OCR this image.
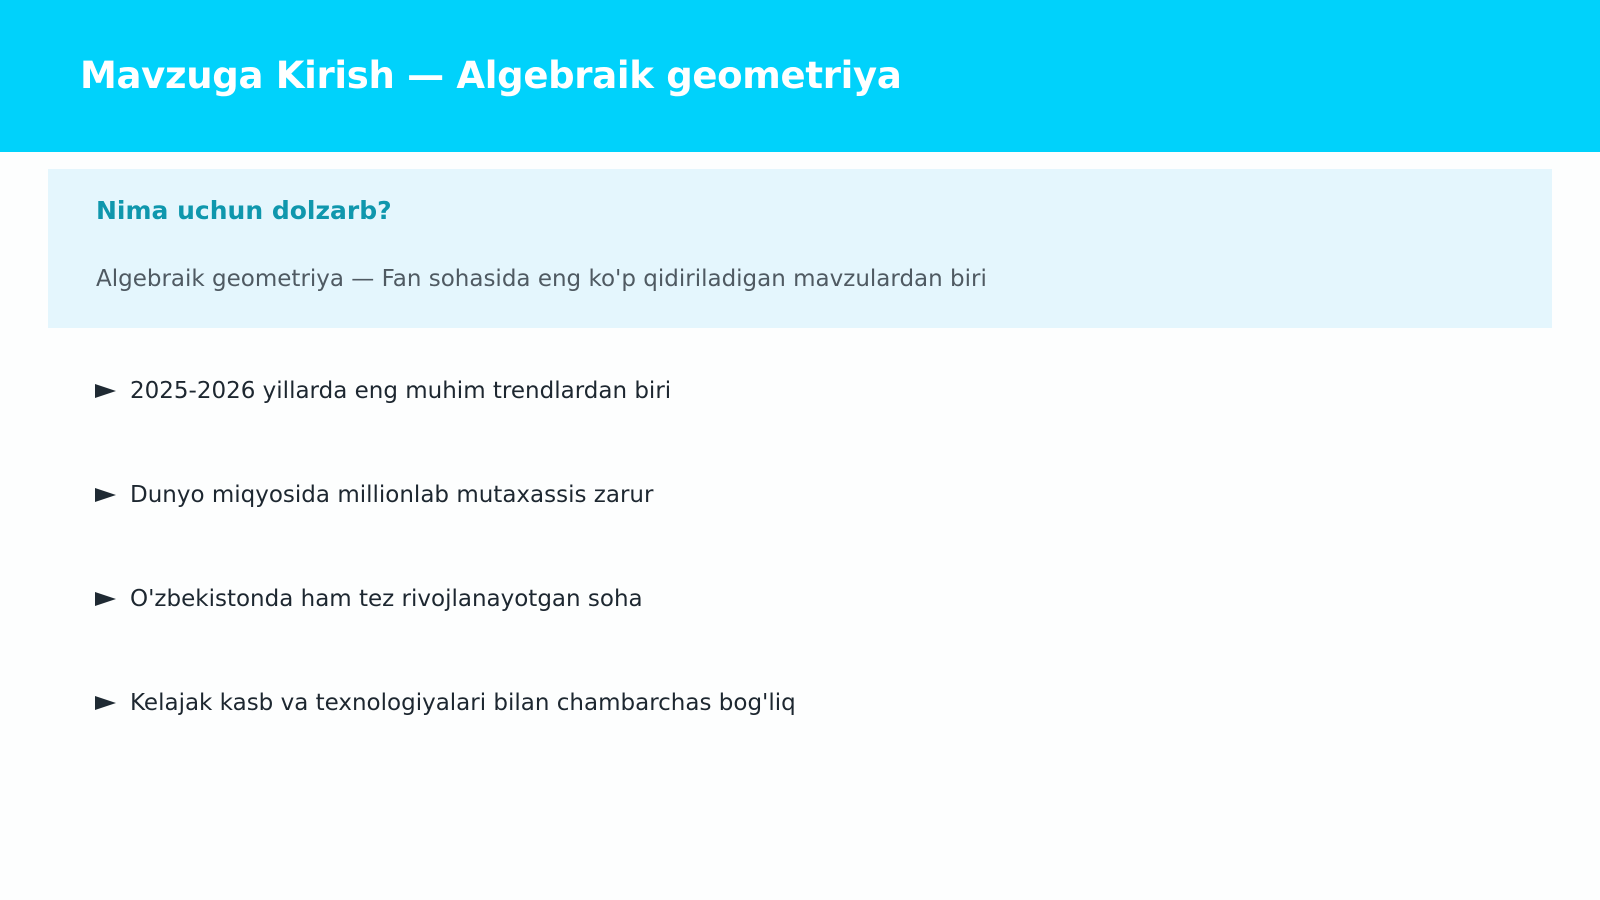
Mavzuga Kirish — Algebraik geometriya
Nima uchun dolzarb?

Algebraik geometriya — Fan sohasida eng ko'p qidiriladigan mavzulardan biri

2025-2026 yillarda eng muhim trendlardan biri
Dunyo miqyosida millionlab mutaxassis zarur
O'zbekistonda ham tez rivojlanayotgan soha
Kelajak kasb va texnologiyalari bilan chambarchas bog'liq
